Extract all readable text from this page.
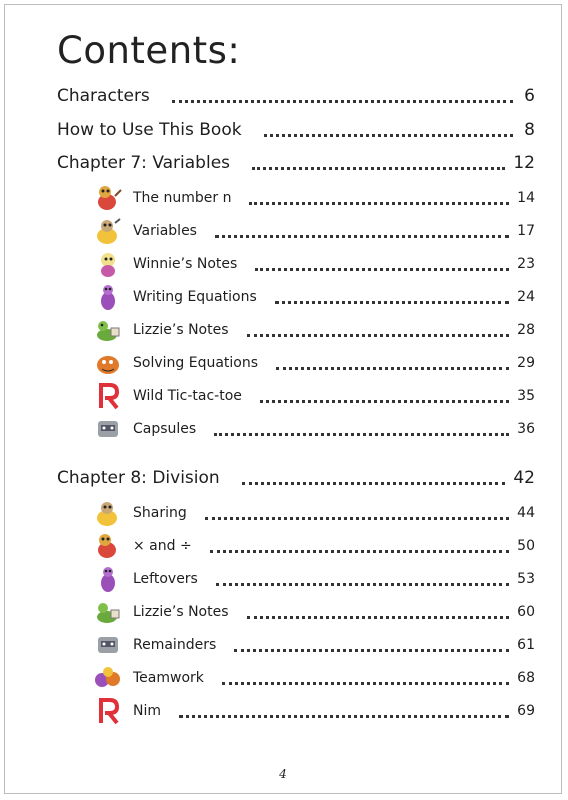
Contents:
Characters	6
How to Use This Book	8
Chapter 7: Variables	12
The number n	14
Variables	17
Winnie’s Notes	23
Writing Equations	24
Lizzie’s Notes	28
Solving Equations	29
Wild Tic-tac-toe	35
Capsules	36
Chapter 8: Division	42
Sharing	44
× and ÷	50
Leftovers	53
Lizzie’s Notes	60
Remainders	61
Teamwork	68
Nim	69
4
